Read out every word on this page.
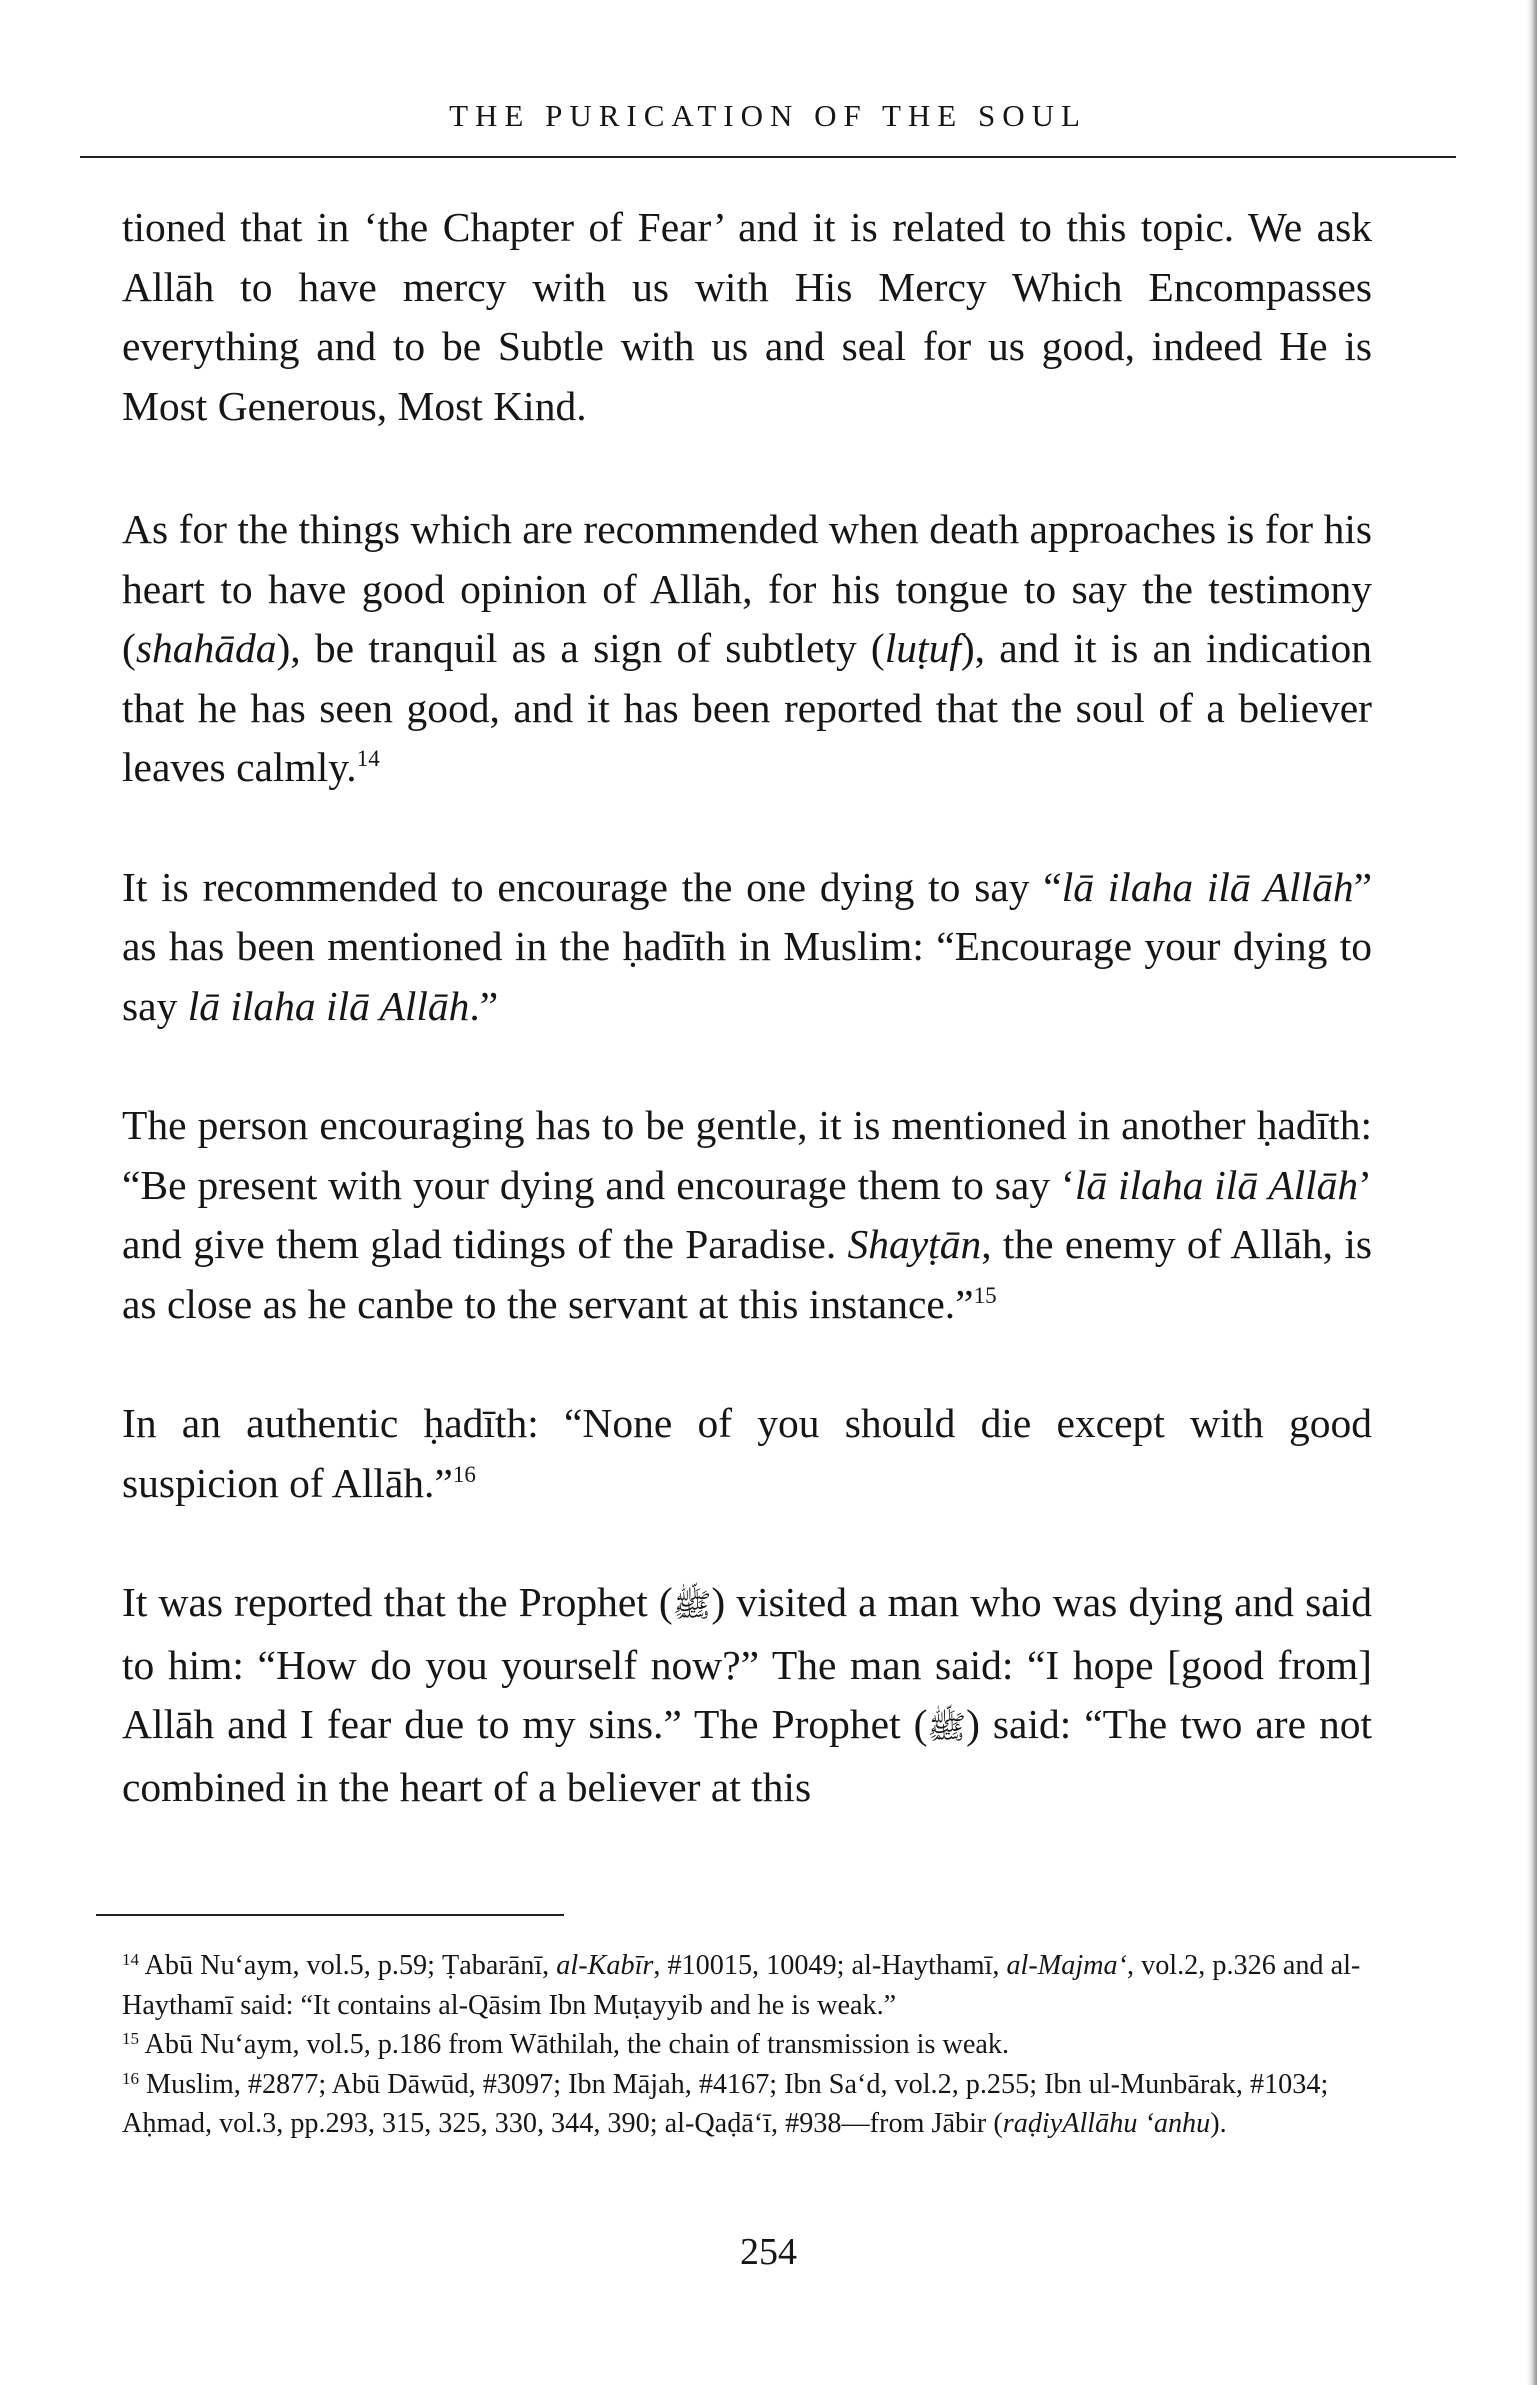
THE PURICATION OF THE SOUL

tioned that in ‘the Chapter of Fear’ and it is related to this topic. We ask Allāh to have mercy with us with His Mercy Which Encompasses everything and to be Subtle with us and seal for us good, indeed He is Most Generous, Most Kind.

As for the things which are recommended when death approaches is for his heart to have good opinion of Allāh, for his tongue to say the testimony (shahāda), be tranquil as a sign of subtlety (luṭuf), and it is an indication that he has seen good, and it has been reported that the soul of a believer leaves calmly.$^{14}$

It is recommended to encourage the one dying to say “lā ilaha ilā Allāh” as has been mentioned in the ḥadīth in Muslim: “Encourage your dying to say lā ilaha ilā Allāh.”

The person encouraging has to be gentle, it is mentioned in another ḥadīth: “Be present with your dying and encourage them to say ‘lā ilaha ilā Allāh’ and give them glad tidings of the Paradise. Shayṭān, the enemy of Allāh, is as close as he canbe to the servant at this instance.”$^{15}$

In an authentic ḥadīth: “None of you should die except with good suspicion of Allāh.”$^{16}$

It was reported that the Prophet (ﷺ) visited a man who was dying and said to him: “How do you yourself now?” The man said: “I hope [good from] Allāh and I fear due to my sins.” The Prophet (ﷺ) said: “The two are not combined in the heart of a believer at this

$^{14}$ Abū Nu‘aym, vol.5, p.59; Ṭabarānī, al-Kabīr, #10015, 10049; al-Haythamī, al-Majma‘, vol.2, p.326 and al-Haythamī said: “It contains al-Qāsim Ibn Muṭayyib and he is weak.”

$^{15}$ Abū Nu‘aym, vol.5, p.186 from Wāthilah, the chain of transmission is weak.

$^{16}$ Muslim, #2877; Abū Dāwūd, #3097; Ibn Mājah, #4167; Ibn Sa‘d, vol.2, p.255; Ibn ul-Munbārak, #1034; Aḥmad, vol.3, pp.293, 315, 325, 330, 344, 390; al-Qaḍā‘ī, #938—from Jābir (raḍiyAllāhu ‘anhu).

254
